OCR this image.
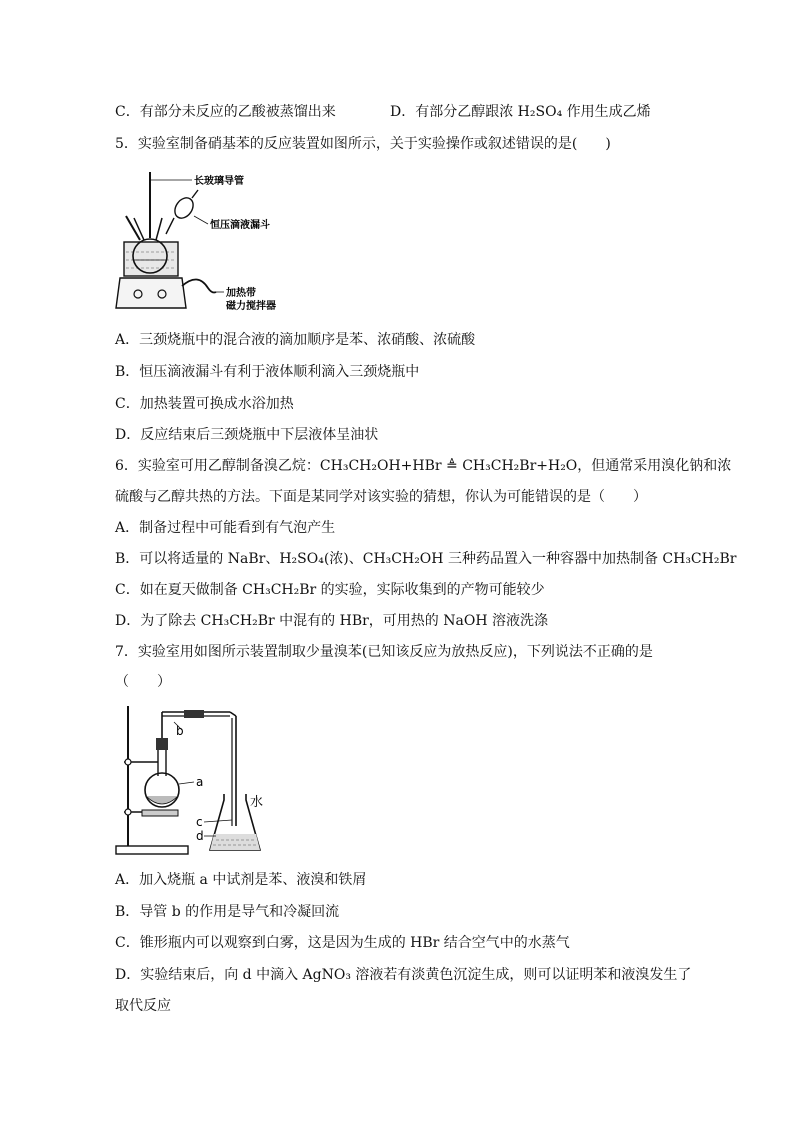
C．有部分未反应的乙酸被蒸馏出来	D．有部分乙醇跟浓 H₂SO₄ 作用生成乙烯
5．实验室制备硝基苯的反应装置如图所示，关于实验操作或叙述错误的是(　　)
长玻璃导管
恒压滴液漏斗
加热带
磁力搅拌器
A．三颈烧瓶中的混合液的滴加顺序是苯、浓硝酸、浓硫酸
B．恒压滴液漏斗有利于液体顺利滴入三颈烧瓶中
C．加热装置可换成水浴加热
D．反应结束后三颈烧瓶中下层液体呈油状
6．实验室可用乙醇制备溴乙烷：CH₃CH₂OH+HBr ≜ CH₃CH₂Br+H₂O，但通常采用溴化钠和浓
硫酸与乙醇共热的方法。下面是某同学对该实验的猜想，你认为可能错误的是（　　）
A．制备过程中可能看到有气泡产生
B．可以将适量的 NaBr、H₂SO₄(浓)、CH₃CH₂OH 三种药品置入一种容器中加热制备 CH₃CH₂Br
C．如在夏天做制备 CH₃CH₂Br 的实验，实际收集到的产物可能较少
D．为了除去 CH₃CH₂Br 中混有的 HBr，可用热的 NaOH 溶液洗涤
7．实验室用如图所示装置制取少量溴苯(已知该反应为放热反应)，下列说法不正确的是
（　　）
b
a
c
d
水
A．加入烧瓶 a 中试剂是苯、液溴和铁屑
B．导管 b 的作用是导气和冷凝回流
C．锥形瓶内可以观察到白雾，这是因为生成的 HBr 结合空气中的水蒸气
D．实验结束后，向 d 中滴入 AgNO₃ 溶液若有淡黄色沉淀生成，则可以证明苯和液溴发生了
取代反应
